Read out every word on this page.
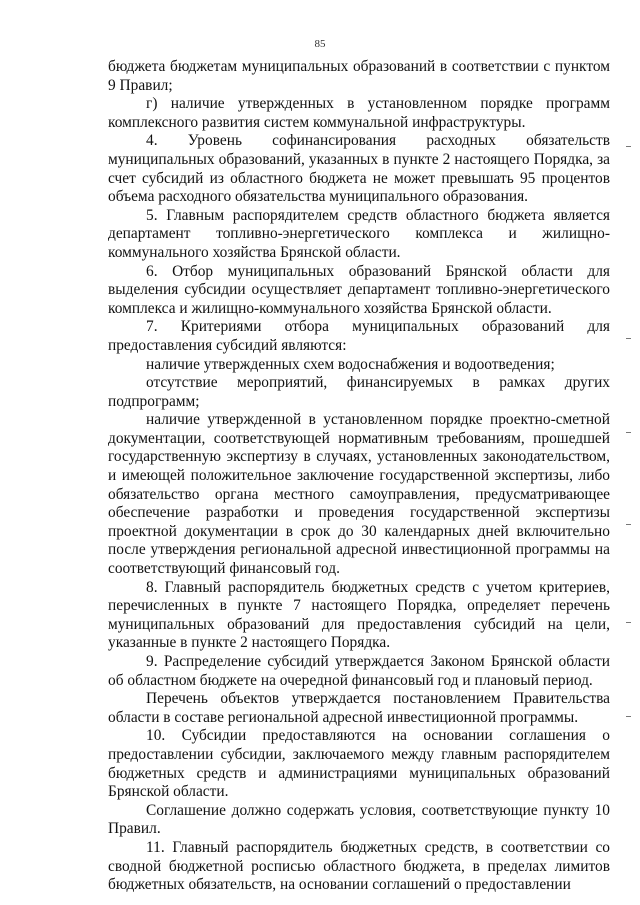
85

бюджета бюджетам муниципальных образований в соответствии с пунктом 9 Правил;

г) наличие утвержденных в установленном порядке программ комплексного развития систем коммунальной инфраструктуры.

4. Уровень софинансирования расходных обязательств муниципальных образований, указанных в пункте 2 настоящего Порядка, за счет субсидий из областного бюджета не может превышать 95 процентов объема расходного обязательства муниципального образования.

5. Главным распорядителем средств областного бюджета является департамент топливно-энергетического комплекса и жилищно-коммунального хозяйства Брянской области.

6. Отбор муниципальных образований Брянской области для выделения субсидии осуществляет департамент топливно-энергетического комплекса и жилищно-коммунального хозяйства Брянской области.

7. Критериями отбора муниципальных образований для предоставления субсидий являются:

наличие утвержденных схем водоснабжения и водоотведения;

отсутствие мероприятий, финансируемых в рамках других подпрограмм;

наличие утвержденной в установленном порядке проектно-сметной документации, соответствующей нормативным требованиям, прошедшей государственную экспертизу в случаях, установленных законодательством, и имеющей положительное заключение государственной экспертизы, либо обязательство органа местного самоуправления, предусматривающее обеспечение разработки и проведения государственной экспертизы проектной документации в срок до 30 календарных дней включительно после утверждения региональной адресной инвестиционной программы на соответствующий финансовый год.

8. Главный распорядитель бюджетных средств с учетом критериев, перечисленных в пункте 7 настоящего Порядка, определяет перечень муниципальных образований для предоставления субсидий на цели, указанные в пункте 2 настоящего Порядка.

9. Распределение субсидий утверждается Законом Брянской области об областном бюджете на очередной финансовый год и плановый период.

Перечень объектов утверждается постановлением Правительства области в составе региональной адресной инвестиционной программы.

10. Субсидии предоставляются на основании соглашения о предоставлении субсидии, заключаемого между главным распорядителем бюджетных средств и администрациями муниципальных образований Брянской области.

Соглашение должно содержать условия, соответствующие пункту 10 Правил.

11. Главный распорядитель бюджетных средств, в соответствии со сводной бюджетной росписью областного бюджета, в пределах лимитов бюджетных обязательств, на основании соглашений о предоставлении
